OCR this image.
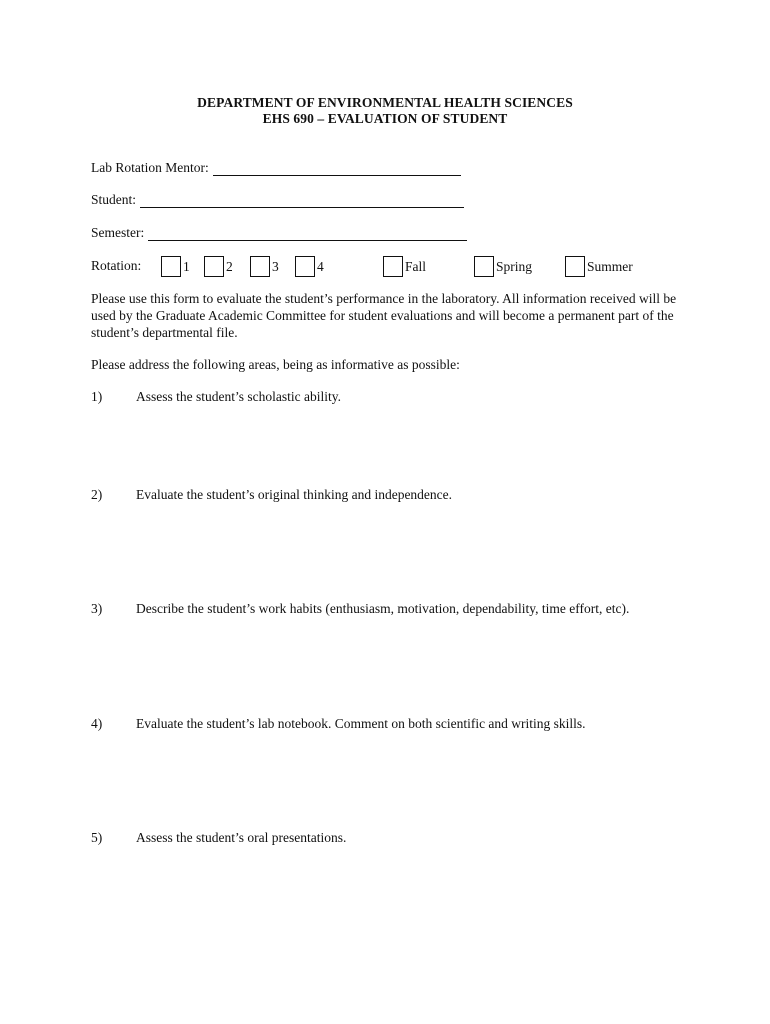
DEPARTMENT OF ENVIRONMENTAL HEALTH SCIENCES
EHS 690 – EVALUATION OF STUDENT
Lab Rotation Mentor:
Student:
Semester:
Rotation:	1	2	3	4	Fall	Spring	Summer
Please use this form to evaluate the student’s performance in the laboratory. All information received will be used by the Graduate Academic Committee for student evaluations and will become a permanent part of the student’s departmental file.
Please address the following areas, being as informative as possible:
1)	Assess the student’s scholastic ability.
2)	Evaluate the student’s original thinking and independence.
3)	Describe the student’s work habits (enthusiasm, motivation, dependability, time effort, etc).
4)	Evaluate the student’s lab notebook. Comment on both scientific and writing skills.
5)	Assess the student’s oral presentations.
